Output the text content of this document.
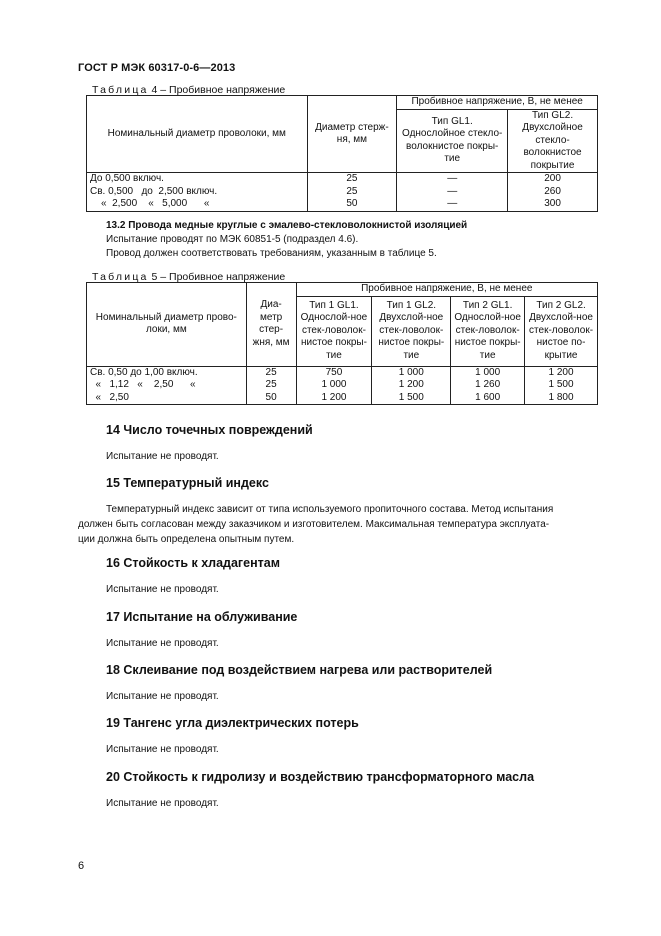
ГОСТ Р МЭК 60317-0-6—2013
Таблица 4 – Пробивное напряжение
Номинальный диаметр проволоки, мм	Диаметр стерж-ня, мм	Пробивное напряжение, В, не менее	
		Тип GL1. Однослойное стекло-волокнистое покры-тие	Тип GL2. Двухслойное стекло-волокнистое покрытие
До 0,500 включ.	25	—	200
Св. 0,500   до  2,500 включ.	25	—	260
«  2,500    «   5,000      «	50	—	300
13.2 Провода медные круглые с эмалево-стекловолокнистой изоляцией
Испытание проводят по МЭК 60851-5 (подраздел 4.6).
Провод должен соответствовать требованиям, указанным в таблице 5.
Таблица 5 – Пробивное напряжение
Номинальный диаметр прово-локи, мм	Диа-метр стер-жня, мм	Пробивное напряжение, В, не менее			
		Тип 1 GL1. Однослой-ное стек-ловолок-нистое покры-тие	Тип 1 GL2. Двухслой-ное стек-ловолок-нистое покры-тие	Тип 2 GL1. Однослой-ное стек-ловолок-нистое покры-тие	Тип 2 GL2. Двухслой-ное стек-ловолок-нистое по-крытие
Св. 0,50 до 1,00 включ.	25	750	1 000	1 000	1 200
«   1,12   «    2,50      «	25	1 000	1 200	1 260	1 500
«   2,50	50	1 200	1 500	1 600	1 800
14 Число точечных повреждений
Испытание не проводят.
15 Температурный индекс
Температурный индекс зависит от типа используемого пропиточного состава. Метод испытания
должен быть согласован между заказчиком и изготовителем. Максимальная температура эксплуата-
ции должна быть определена опытным путем.
16 Стойкость к хладагентам
Испытание не проводят.
17 Испытание на облуживание
Испытание не проводят.
18 Склеивание под воздействием нагрева или растворителей
Испытание не проводят.
19 Тангенс угла диэлектрических потерь
Испытание не проводят.
20 Стойкость к гидролизу и воздействию трансформаторного масла
Испытание не проводят.
6
